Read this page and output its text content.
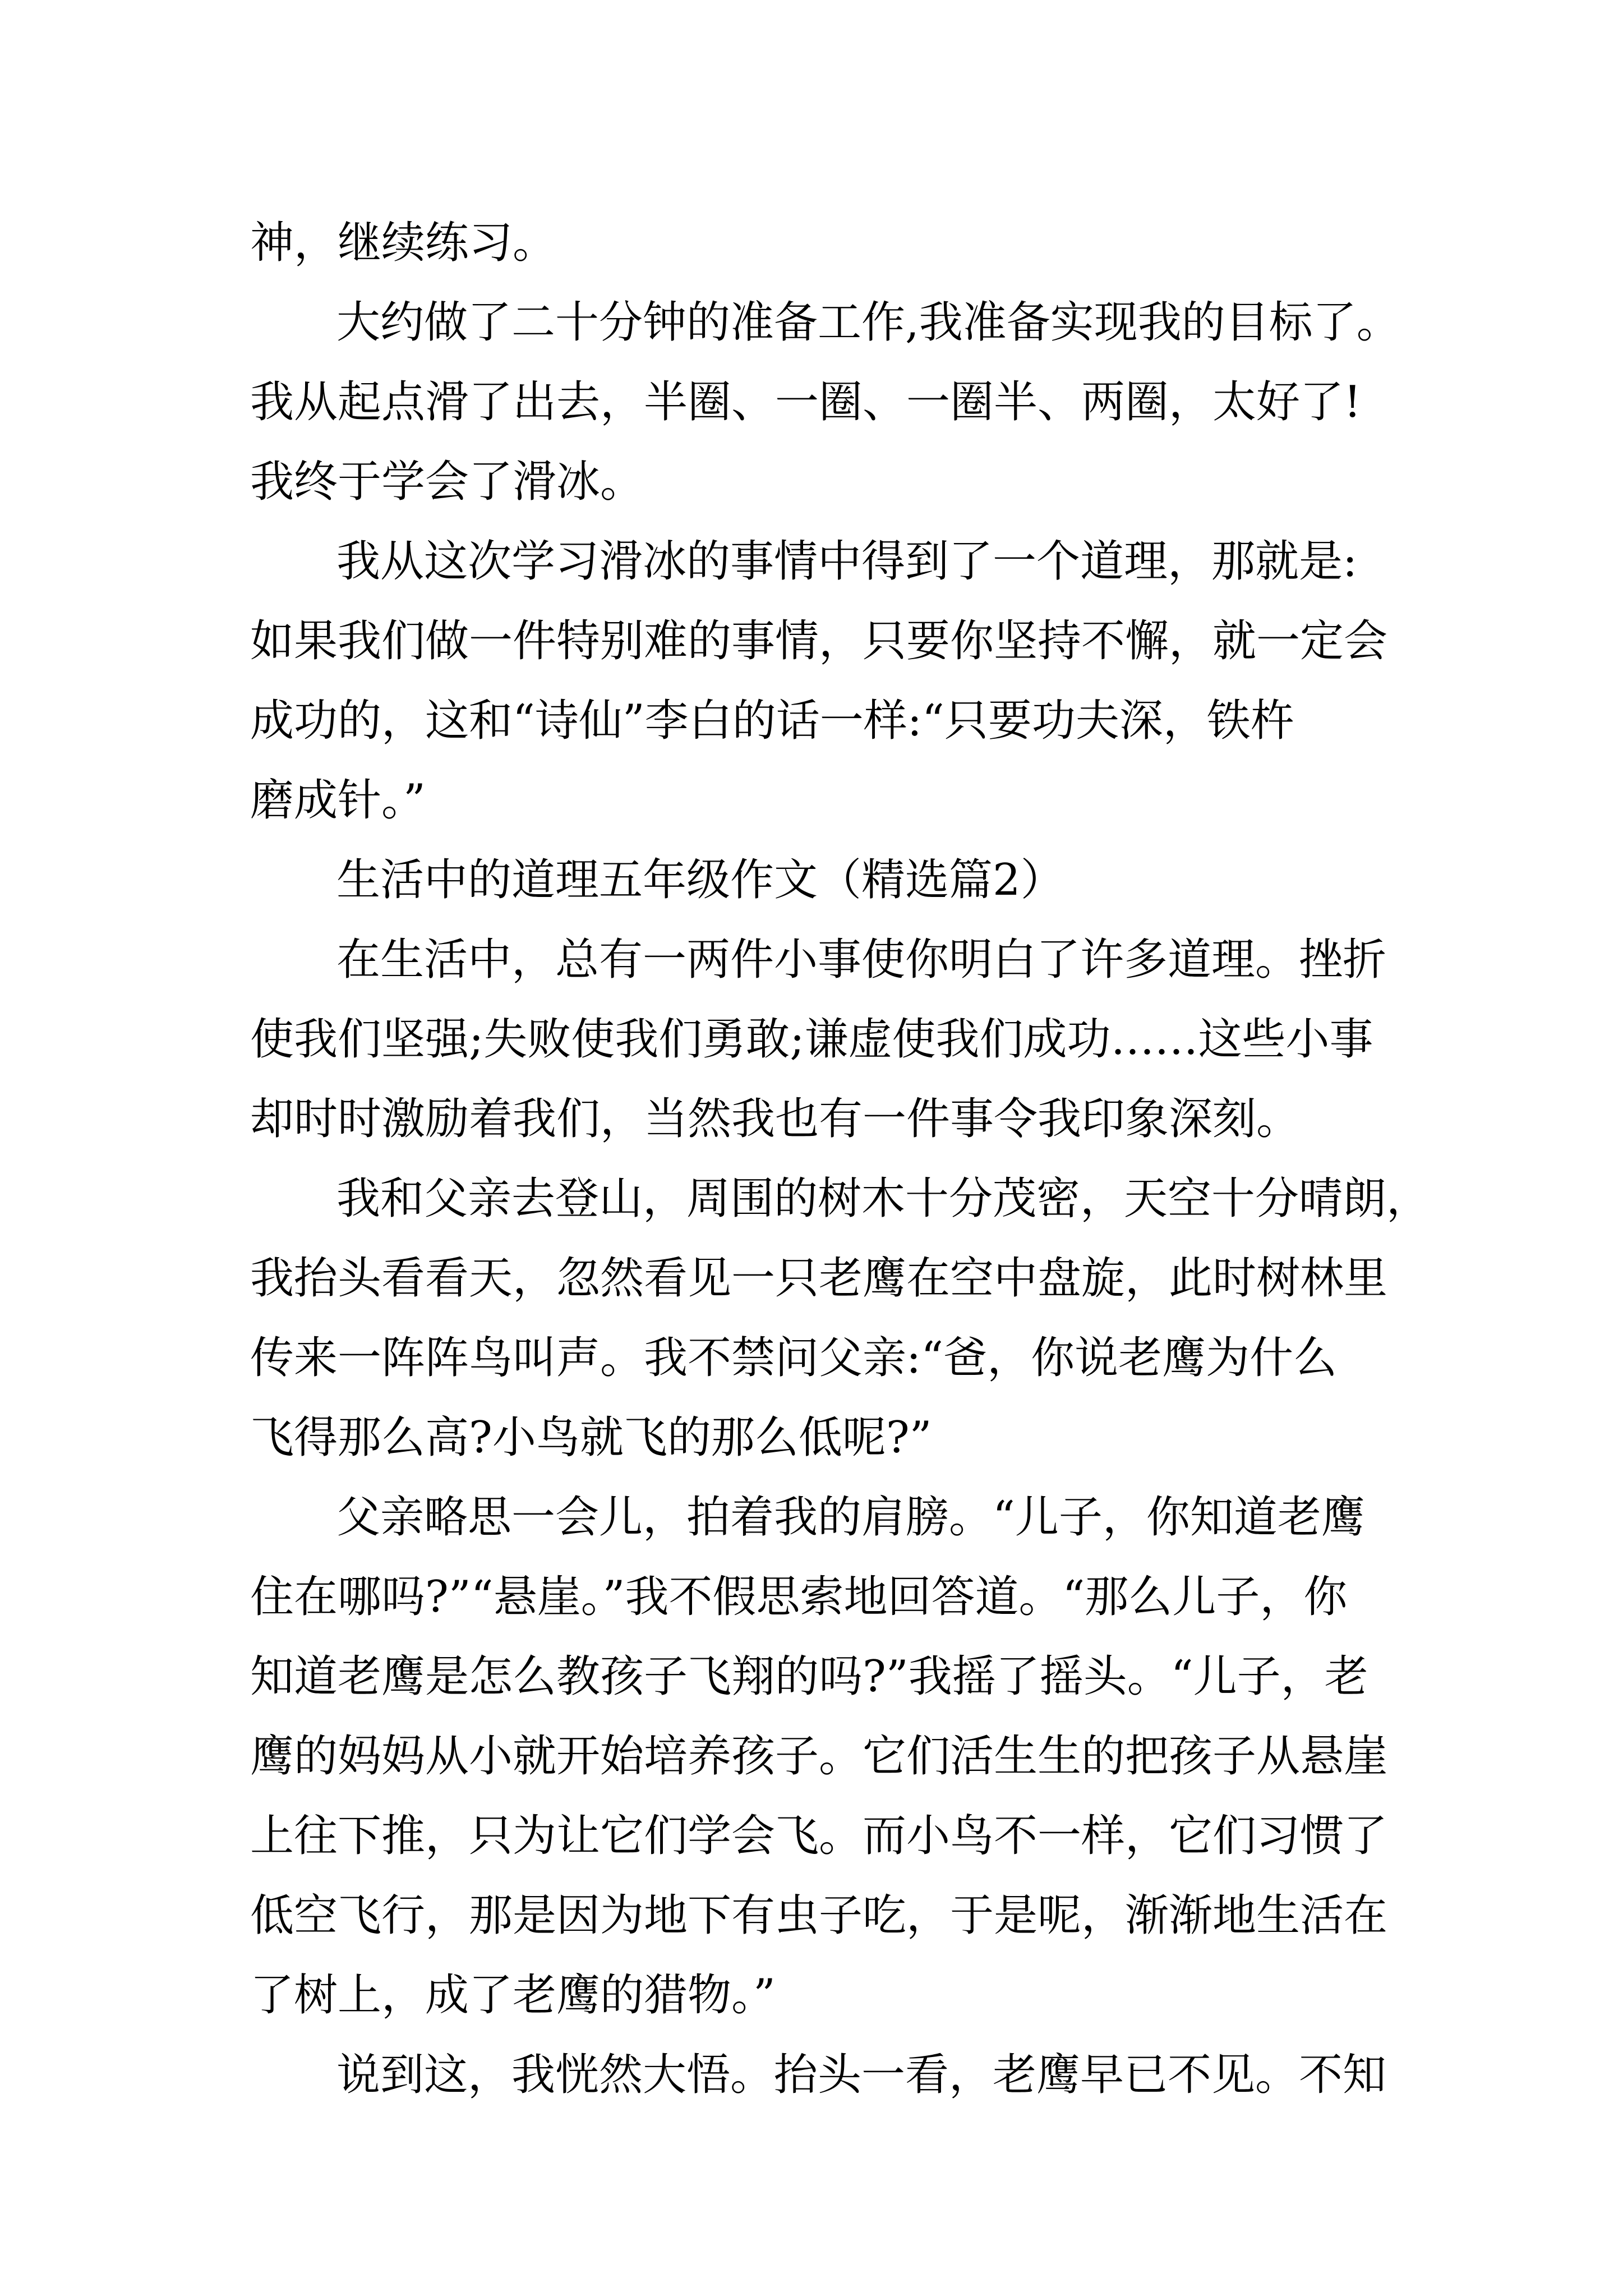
神，继续练习。
大约做了二十分钟的准备工作,我准备实现我的目标了。
我从起点滑了出去，半圈、一圈、一圈半、两圈，太好了!
我终于学会了滑冰。
我从这次学习滑冰的事情中得到了一个道理，那就是:
如果我们做一件特别难的事情，只要你坚持不懈，就一定会
成功的，这和“诗仙”李白的话一样:“只要功夫深，铁杵
磨成针。”
生活中的道理五年级作文（精选篇2）
在生活中，总有一两件小事使你明白了许多道理。挫折
使我们坚强;失败使我们勇敢;谦虚使我们成功……这些小事
却时时激励着我们，当然我也有一件事令我印象深刻。
我和父亲去登山，周围的树木十分茂密，天空十分晴朗，
我抬头看看天，忽然看见一只老鹰在空中盘旋，此时树林里
传来一阵阵鸟叫声。我不禁问父亲:“爸，你说老鹰为什么
飞得那么高?小鸟就飞的那么低呢?”
父亲略思一会儿，拍着我的肩膀。“儿子，你知道老鹰
住在哪吗?”“悬崖。”我不假思索地回答道。“那么儿子，你
知道老鹰是怎么教孩子飞翔的吗?”我摇了摇头。“儿子，老
鹰的妈妈从小就开始培养孩子。它们活生生的把孩子从悬崖
上往下推，只为让它们学会飞。而小鸟不一样，它们习惯了
低空飞行，那是因为地下有虫子吃，于是呢，渐渐地生活在
了树上，成了老鹰的猎物。”
说到这，我恍然大悟。抬头一看，老鹰早已不见。不知
